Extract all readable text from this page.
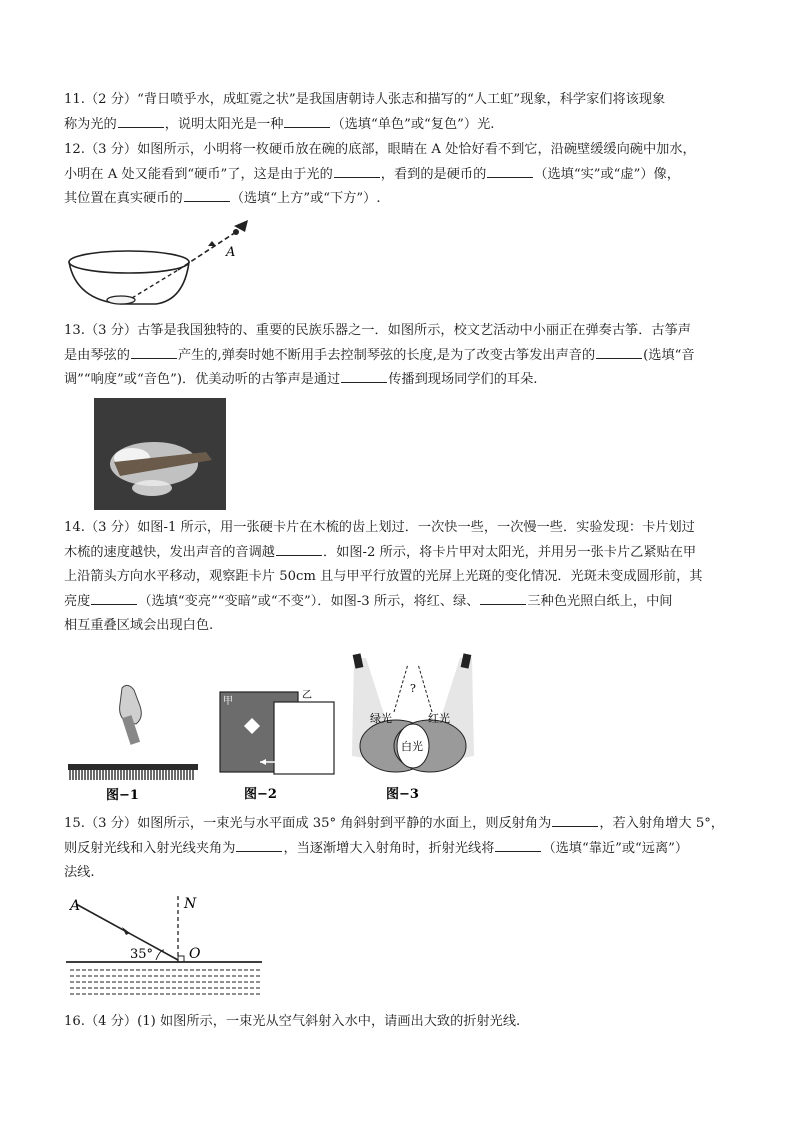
11.（2 分）“背日喷乎水，成虹霓之状”是我国唐朝诗人张志和描写的“人工虹”现象，科学家们将该现象
称为光的	，说明太阳光是一种	（选填“单色”或“复色”）光.
12.（3 分）如图所示，小明将一枚硬币放在碗的底部，眼睛在 A 处恰好看不到它，沿碗壁缓缓向碗中加水，
小明在 A 处又能看到“硬币”了，这是由于光的	，看到的是硬币的	（选填“实”或“虚”）像，
其位置在真实硬币的	（选填“上方”或“下方”）.
A
13.（3 分）古筝是我国独特的、重要的民族乐器之一．如图所示，校文艺活动中小丽正在弹奏古筝．古筝声
是由琴弦的	产生的,弹奏时她不断用手去控制琴弦的长度,是为了改变古筝发出声音的	(选填“音
调”“响度”或“音色”)．优美动听的古筝声是通过	传播到现场同学们的耳朵.
14.（3 分）如图-1 所示，用一张硬卡片在木梳的齿上划过．一次快一些，一次慢一些．实验发现：卡片划过
木梳的速度越快，发出声音的音调越	．如图-2 所示，将卡片甲对太阳光，并用另一张卡片乙紧贴在甲
上沿箭头方向水平移动，观察距卡片 50cm 且与甲平行放置的光屏上光斑的变化情况．光斑未变成圆形前，其
亮度	（选填“变亮”“变暗”或“不变”）．如图-3 所示，将红、绿、	三种色光照白纸上，中间
相互重叠区域会出现白色.
图−1
甲
乙
图−2
?
绿光	红光
白光
图−3
15.（3 分）如图所示，一束光与水平面成 35° 角斜射到平静的水面上，则反射角为	，若入射角增大 5°，
则反射光线和入射光线夹角为	，当逐渐增大入射角时，折射光线将	（选填“靠近”或“远离”）
法线.
A	N
O
35°
16.（4 分）(1) 如图所示，一束光从空气斜射入水中，请画出大致的折射光线.
